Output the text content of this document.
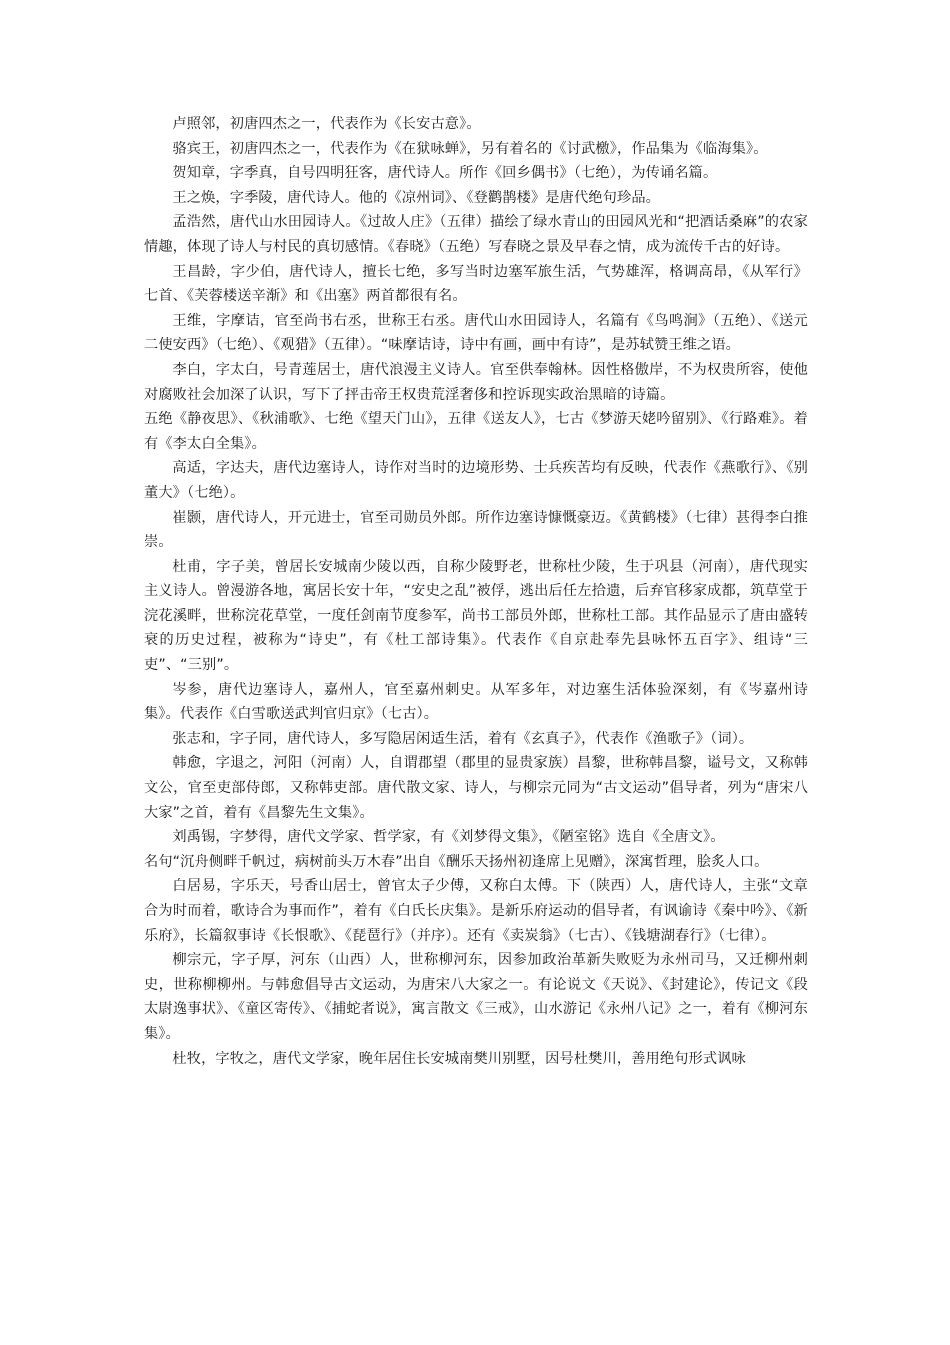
卢照邻，初唐四杰之一，代表作为《长安古意》。

骆宾王，初唐四杰之一，代表作为《在狱咏蝉》，另有着名的《讨武檄》，作品集为《临海集》。

贺知章，字季真，自号四明狂客，唐代诗人。所作《回乡偶书》（七绝），为传诵名篇。

王之焕，字季陵，唐代诗人。他的《凉州词》、《登鹳鹊楼》是唐代绝句珍品。

孟浩然，唐代山水田园诗人。《过故人庄》（五律）描绘了绿水青山的田园风光和“把酒话桑麻”的农家情趣，体现了诗人与村民的真切感情。《春晓》（五绝）写春晓之景及早春之情，成为流传千古的好诗。

王昌龄，字少伯，唐代诗人，擅长七绝，多写当时边塞军旅生活，气势雄浑，格调高昂，《从军行》七首、《芙蓉楼送辛渐》和《出塞》两首都很有名。

王维，字摩诘，官至尚书右丞，世称王右丞。唐代山水田园诗人，名篇有《鸟鸣涧》（五绝）、《送元二使安西》（七绝）、《观猎》（五律）。“味摩诘诗，诗中有画，画中有诗”，是苏轼赞王维之语。

李白，字太白，号青莲居士，唐代浪漫主义诗人。官至供奉翰林。因性格傲岸，不为权贵所容，使他对腐败社会加深了认识，写下了抨击帝王权贵荒淫奢侈和控诉现实政治黑暗的诗篇。

五绝《静夜思》、《秋浦歌》、七绝《望天门山》，五律《送友人》，七古《梦游天姥吟留别》、《行路难》。着有《李太白全集》。

高适，字达夫，唐代边塞诗人，诗作对当时的边境形势、士兵疾苦均有反映，代表作《燕歌行》、《别董大》（七绝）。

崔颢，唐代诗人，开元进士，官至司勋员外郎。所作边塞诗慷慨豪迈。《黄鹤楼》（七律）甚得李白推崇。

杜甫，字子美，曾居长安城南少陵以西，自称少陵野老，世称杜少陵，生于巩县（河南），唐代现实主义诗人。曾漫游各地，寓居长安十年，“安史之乱”被俘，逃出后任左拾遗，后弃官移家成都，筑草堂于浣花溪畔，世称浣花草堂，一度任剑南节度参军，尚书工部员外郎，世称杜工部。其作品显示了唐由盛转衰的历史过程，被称为“诗史”，有《杜工部诗集》。代表作《自京赴奉先县咏怀五百字》、组诗“三吏”、“三别”。

岑参，唐代边塞诗人，嘉州人，官至嘉州刺史。从军多年，对边塞生活体验深刻，有《岑嘉州诗集》。代表作《白雪歌送武判官归京》（七古）。

张志和，字子同，唐代诗人，多写隐居闲适生活，着有《玄真子》，代表作《渔歌子》（词）。

韩愈，字退之，河阳（河南）人，自谓郡望（郡里的显贵家族）昌黎，世称韩昌黎，谥号文，又称韩文公，官至吏部侍郎，又称韩吏部。唐代散文家、诗人，与柳宗元同为“古文运动”倡导者，列为“唐宋八大家”之首，着有《昌黎先生文集》。

刘禹锡，字梦得，唐代文学家、哲学家，有《刘梦得文集》，《陋室铭》选自《全唐文》。

名句“沉舟侧畔千帆过，病树前头万木春”出自《酬乐天扬州初逢席上见赠》，深寓哲理，脍炙人口。

白居易，字乐天，号香山居士，曾官太子少傅，又称白太傅。下（陕西）人，唐代诗人，主张“文章合为时而着，歌诗合为事而作”，着有《白氏长庆集》。是新乐府运动的倡导者，有讽谕诗《秦中吟》、《新乐府》，长篇叙事诗《长恨歌》、《琵琶行》（并序）。还有《卖炭翁》（七古）、《钱塘湖春行》（七律）。

柳宗元，字子厚，河东（山西）人，世称柳河东，因参加政治革新失败贬为永州司马，又迁柳州刺史，世称柳柳州。与韩愈倡导古文运动，为唐宋八大家之一。有论说文《天说》、《封建论》，传记文《段太尉逸事状》、《童区寄传》、《捕蛇者说》，寓言散文《三戒》，山水游记《永州八记》之一，着有《柳河东集》。

杜牧，字牧之，唐代文学家，晚年居住长安城南樊川别墅，因号杜樊川，善用绝句形式讽咏
